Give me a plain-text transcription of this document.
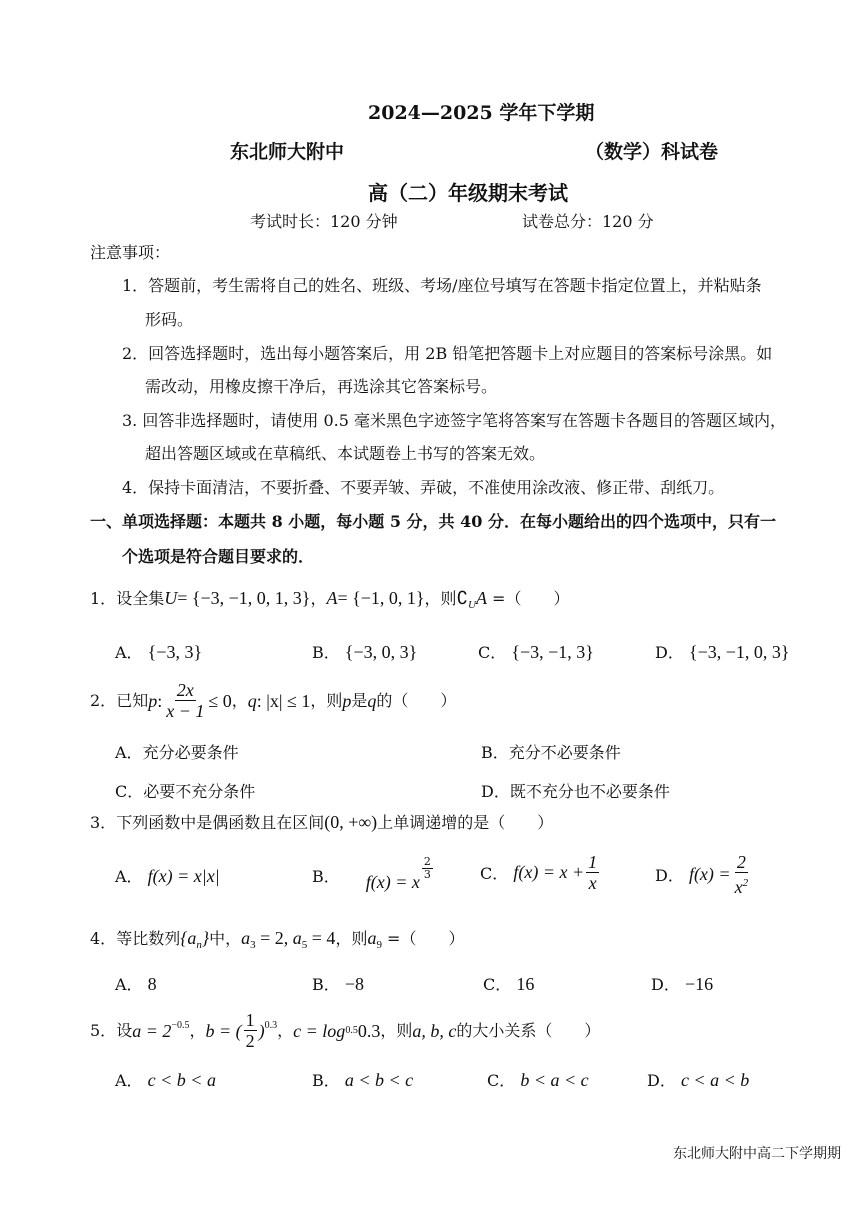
2024—2025 学年下学期
东北师大附中	（数学）科试卷
高（二）年级期末考试
考试时长：120 分钟	试卷总分：120 分
注意事项：
1．答题前，考生需将自己的姓名、班级、考场/座位号填写在答题卡指定位置上，并粘贴条
形码。
2．回答选择题时，选出每小题答案后，用 2B 铅笔把答题卡上对应题目的答案标号涂黑。如
需改动，用橡皮擦干净后，再选涂其它答案标号。
3. 回答非选择题时，请使用 0.5 毫米黑色字迹签字笔将答案写在答题卡各题目的答题区域内，
超出答题区域或在草稿纸、本试题卷上书写的答案无效。
4．保持卡面清洁，不要折叠、不要弄皱、弄破，不准使用涂改液、修正带、刮纸刀。
一、单项选择题：本题共 8 小题，每小题 5 分，共 40 分．在每小题给出的四个选项中，只有一
个选项是符合题目要求的．
1．设全集U= {−3, −1, 0, 1, 3}，A= {−1, 0, 1}，则$∁_UA$ =（　　）
A． {−3, 3}	B． {−3, 0, 3}	C． {−3, −1, 3}	D． {−3, −1, 0, 3}
2． 已知 p : $\frac{2x}{x - 1} \le 0$ ， q : |x| ≤ 1 ，则 p 是 q 的（　　）
A．充分必要条件	B．充分不必要条件
C．必要不充分条件	D．既不充分也不必要条件
3．下列函数中是偶函数且在区间(0, +∞)上单调递增的是（　　）
A． f(x) = x|x|	B． f(x) = x
$\frac{2}{3}$	C．
$f(x) = x + \frac{1}{x}$	D．
$f(x) = \frac{2}{x^2}$
4．等比数列$\{a_n\}$中，$a_3 = 2$, $a_5 = 4$，则$a_9$ =（　　）
A． 8	B． −8	C． 16	D． −16
5． 设 a = 2 −0.5 ， b = ( $\frac{1}{2}$ ) 0.3 ， c = log 0.5 0.3 ，则 a, b, c 的大小关系（　　）
A． c < b < a	B． a < b < c	C． b < a < c	D． c < a < b
东北师大附中高二下学期期
